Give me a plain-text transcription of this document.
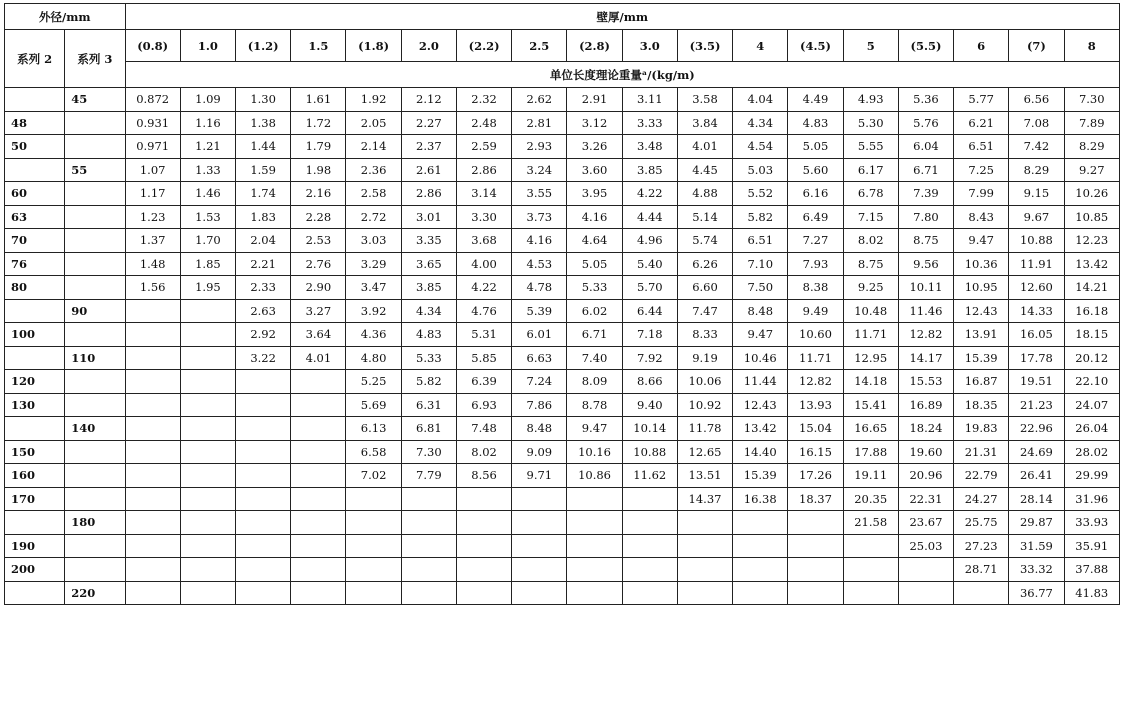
外径/mm		壁厚/mm																	
系列 2	系列 3	(0.8)	1.0	(1.2)	1.5	(1.8)	2.0	(2.2)	2.5	(2.8)	3.0	(3.5)	4	(4.5)	5	(5.5)	6	(7)	8
		单位长度理论重量ᵃ/(kg/m)																	
	45	0.872	1.09	1.30	1.61	1.92	2.12	2.32	2.62	2.91	3.11	3.58	4.04	4.49	4.93	5.36	5.77	6.56	7.30
48		0.931	1.16	1.38	1.72	2.05	2.27	2.48	2.81	3.12	3.33	3.84	4.34	4.83	5.30	5.76	6.21	7.08	7.89
50		0.971	1.21	1.44	1.79	2.14	2.37	2.59	2.93	3.26	3.48	4.01	4.54	5.05	5.55	6.04	6.51	7.42	8.29
	55	1.07	1.33	1.59	1.98	2.36	2.61	2.86	3.24	3.60	3.85	4.45	5.03	5.60	6.17	6.71	7.25	8.29	9.27
60		1.17	1.46	1.74	2.16	2.58	2.86	3.14	3.55	3.95	4.22	4.88	5.52	6.16	6.78	7.39	7.99	9.15	10.26
63		1.23	1.53	1.83	2.28	2.72	3.01	3.30	3.73	4.16	4.44	5.14	5.82	6.49	7.15	7.80	8.43	9.67	10.85
70		1.37	1.70	2.04	2.53	3.03	3.35	3.68	4.16	4.64	4.96	5.74	6.51	7.27	8.02	8.75	9.47	10.88	12.23
76		1.48	1.85	2.21	2.76	3.29	3.65	4.00	4.53	5.05	5.40	6.26	7.10	7.93	8.75	9.56	10.36	11.91	13.42
80		1.56	1.95	2.33	2.90	3.47	3.85	4.22	4.78	5.33	5.70	6.60	7.50	8.38	9.25	10.11	10.95	12.60	14.21
	90			2.63	3.27	3.92	4.34	4.76	5.39	6.02	6.44	7.47	8.48	9.49	10.48	11.46	12.43	14.33	16.18
100				2.92	3.64	4.36	4.83	5.31	6.01	6.71	7.18	8.33	9.47	10.60	11.71	12.82	13.91	16.05	18.15
	110			3.22	4.01	4.80	5.33	5.85	6.63	7.40	7.92	9.19	10.46	11.71	12.95	14.17	15.39	17.78	20.12
120						5.25	5.82	6.39	7.24	8.09	8.66	10.06	11.44	12.82	14.18	15.53	16.87	19.51	22.10
130						5.69	6.31	6.93	7.86	8.78	9.40	10.92	12.43	13.93	15.41	16.89	18.35	21.23	24.07
	140					6.13	6.81	7.48	8.48	9.47	10.14	11.78	13.42	15.04	16.65	18.24	19.83	22.96	26.04
150						6.58	7.30	8.02	9.09	10.16	10.88	12.65	14.40	16.15	17.88	19.60	21.31	24.69	28.02
160						7.02	7.79	8.56	9.71	10.86	11.62	13.51	15.39	17.26	19.11	20.96	22.79	26.41	29.99
170												14.37	16.38	18.37	20.35	22.31	24.27	28.14	31.96
	180														21.58	23.67	25.75	29.87	33.93
190																25.03	27.23	31.59	35.91
200																	28.71	33.32	37.88
	220																	36.77	41.83
